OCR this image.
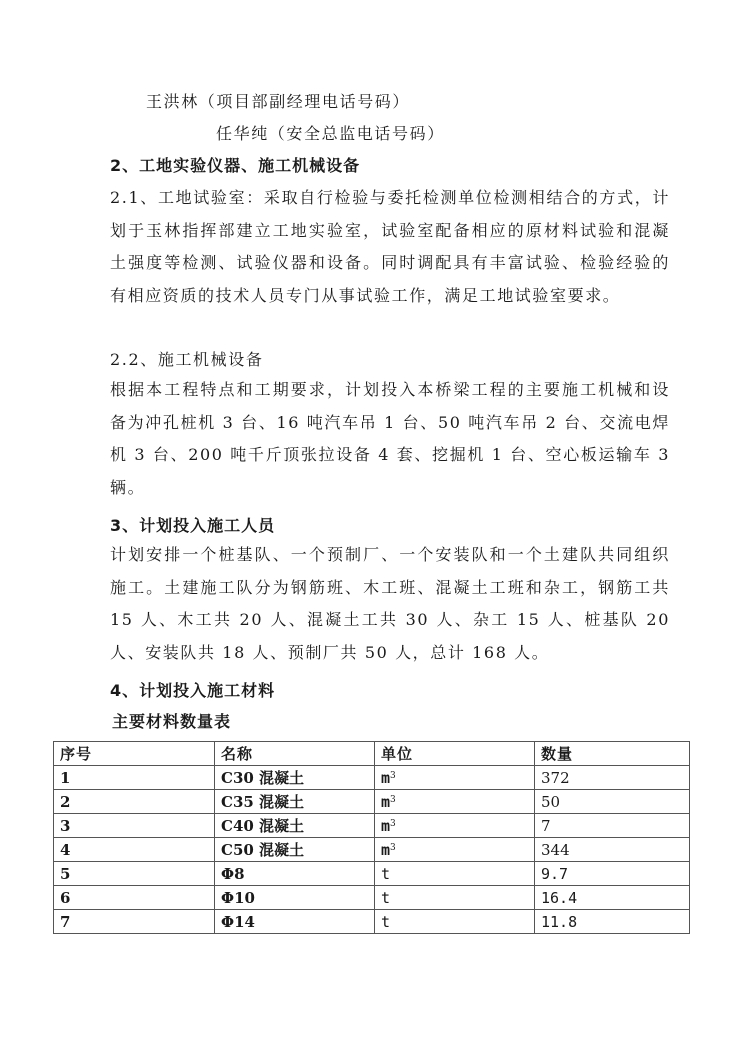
王洪林（项目部副经理电话号码）
任华纯（安全总监电话号码）
2、工地实验仪器、施工机械设备
2.1、工地试验室：采取自行检验与委托检测单位检测相结合的方式，计划于玉林指挥部建立工地实验室，试验室配备相应的原材料试验和混凝土强度等检测、试验仪器和设备。同时调配具有丰富试验、检验经验的有相应资质的技术人员专门从事试验工作，满足工地试验室要求。
2.2、施工机械设备
根据本工程特点和工期要求，计划投入本桥梁工程的主要施工机械和设备为冲孔桩机 3 台、16 吨汽车吊 1 台、50 吨汽车吊 2 台、交流电焊机 3 台、200 吨千斤顶张拉设备 4 套、挖掘机 1 台、空心板运输车 3 辆。
3、计划投入施工人员
计划安排一个桩基队、一个预制厂、一个安装队和一个土建队共同组织施工。土建施工队分为钢筋班、木工班、混凝土工班和杂工，钢筋工共 15 人、木工共 20 人、混凝土工共 30 人、杂工 15 人、桩基队 20 人、安装队共 18 人、预制厂共 50 人，总计 168 人。
4、计划投入施工材料
主要材料数量表
序号	名称	单位	数量
1	C30 混凝土	$m^3$	372
2	C35 混凝土	$m^3$	50
3	C40 混凝土	$m^3$	7
4	C50 混凝土	$m^3$	344
5	Φ8	t	9.7
6	Φ10	t	16.4
7	Φ14	t	11.8
